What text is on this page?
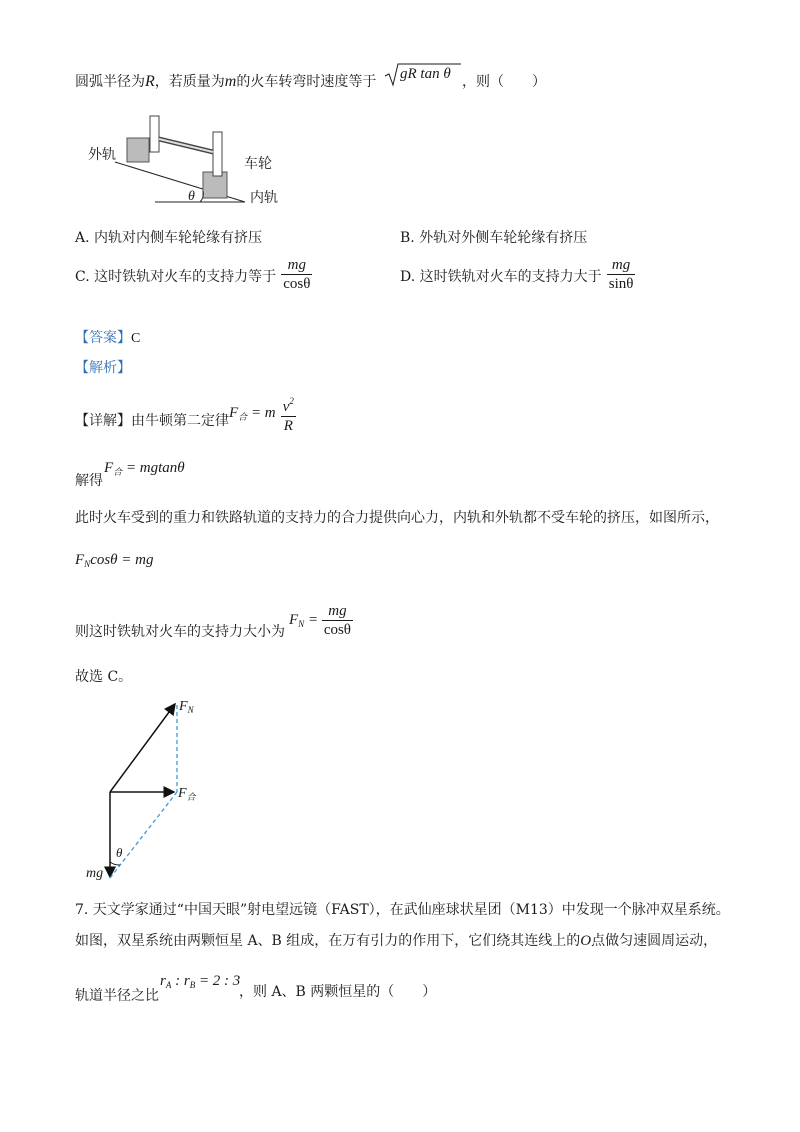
圆弧半径为R，若质量为m的火车转弯时速度等于 gR tan θ ，则（　　）
外轨
车轮
内轨
θ
A. 内轨对内侧车轮轮缘有挤压	B. 外轨对外侧车轮轮缘有挤压
C. 这时铁轨对火车的支持力等于 $\frac{mg}{\cos\theta}$	D. 这时铁轨对火车的支持力大于 $\frac{mg}{\sin\theta}$
【答案】C
【解析】
【详解】由牛顿第二定律
$F_合 = m \frac{v^2}{R}$
解得
$F_合 = mgtan\theta$
此时火车受到的重力和铁路轨道的支持力的合力提供向心力，内轨和外轨都不受车轮的挤压，如图所示，
$F_N\cos\theta$ = mg
则这时铁轨对火车的支持力大小为
$F_N = \frac{mg}{\cos\theta}$
故选 C。
$F_N$
$F_合$
mg
θ
7. 天文学家通过“中国天眼”射电望远镜（FAST），在武仙座球状星团（M13）中发现一个脉冲双星系统。
如图，双星系统由两颗恒星 A、B 组成，在万有引力的作用下，它们绕其连线上的O点做匀速圆周运动，
轨道半径之比
$r_A$ : $r_B = 2$ : 3
，则 A、B 两颗恒星的（　　）
